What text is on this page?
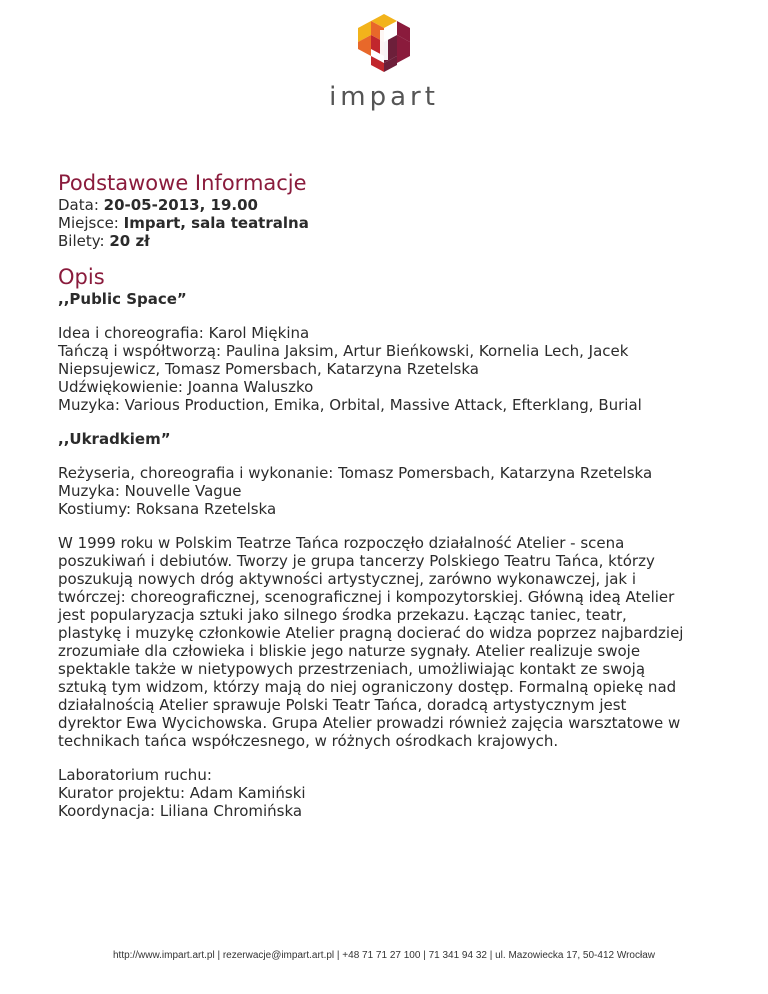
impart
Podstawowe Informacje

Data: 20-05-2013, 19.00

Miejsce: Impart, sala teatralna

Bilety: 20 zł

Opis

,,Public Space”

Idea i choreografia: Karol Miękina

Tańczą i współtworzą: Paulina Jaksim, Artur Bieńkowski, Kornelia Lech, Jacek

Niepsujewicz, Tomasz Pomersbach, Katarzyna Rzetelska

Udźwiękowienie: Joanna Waluszko

Muzyka: Various Production, Emika, Orbital, Massive Attack, Efterklang, Burial

,,Ukradkiem”

Reżyseria, choreografia i wykonanie: Tomasz Pomersbach, Katarzyna Rzetelska

Muzyka: Nouvelle Vague

Kostiumy: Roksana Rzetelska

W 1999 roku w Polskim Teatrze Tańca rozpoczęło działalność Atelier - scena

poszukiwań i debiutów. Tworzy je grupa tancerzy Polskiego Teatru Tańca, którzy

poszukują nowych dróg aktywności artystycznej, zarówno wykonawczej, jak i

twórczej: choreograficznej, scenograficznej i kompozytorskiej. Główną ideą Atelier

jest popularyzacja sztuki jako silnego środka przekazu. Łącząc taniec, teatr,

plastykę i muzykę członkowie Atelier pragną docierać do widza poprzez najbardziej

zrozumiałe dla człowieka i bliskie jego naturze sygnały. Atelier realizuje swoje

spektakle także w nietypowych przestrzeniach, umożliwiając kontakt ze swoją

sztuką tym widzom, którzy mają do niej ograniczony dostęp. Formalną opiekę nad

działalnością Atelier sprawuje Polski Teatr Tańca, doradcą artystycznym jest

dyrektor Ewa Wycichowska. Grupa Atelier prowadzi również zajęcia warsztatowe w

technikach tańca współczesnego, w różnych ośrodkach krajowych.

Laboratorium ruchu:

Kurator projektu: Adam Kamiński

Koordynacja: Liliana Chromińska

http://www.impart.art.pl | rezerwacje@impart.art.pl | +48 71 71 27 100 | 71 341 94 32 | ul. Mazowiecka 17, 50-412 Wrocław
